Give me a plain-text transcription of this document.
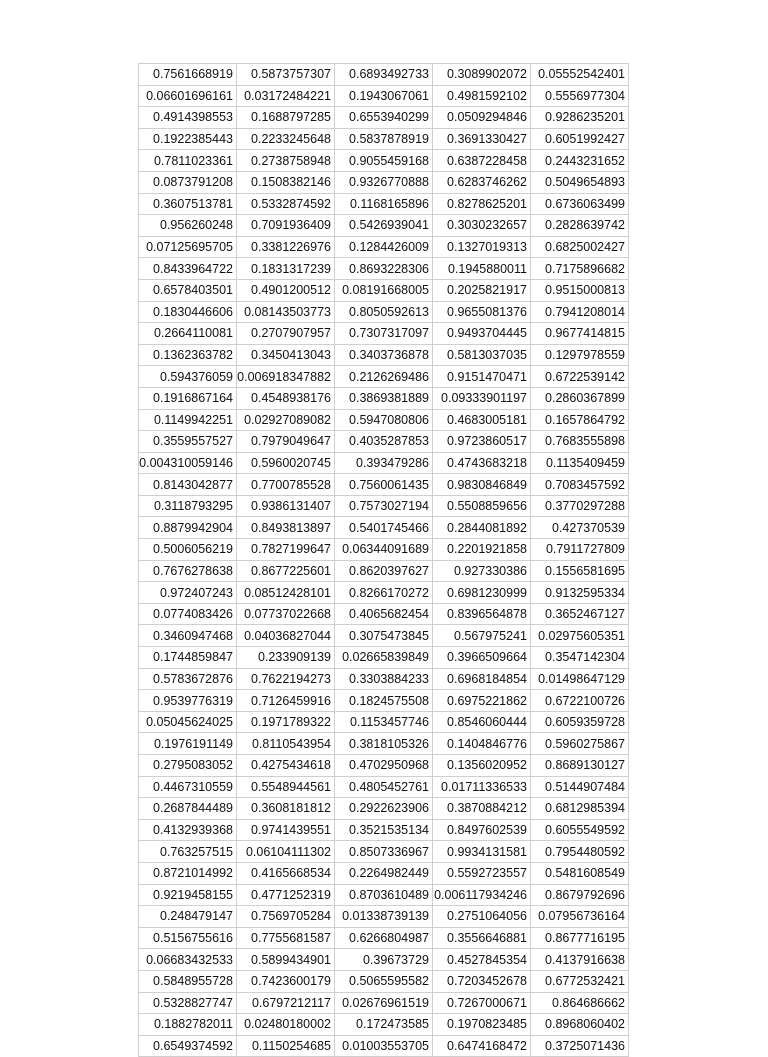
0.7561668919	0.5873757307	0.6893492733	0.3089902072	0.05552542401
0.06601696161	0.03172484221	0.1943067061	0.4981592102	0.5556977304
0.4914398553	0.1688797285	0.6553940299	0.0509294846	0.9286235201
0.1922385443	0.2233245648	0.5837878919	0.3691330427	0.6051992427
0.7811023361	0.2738758948	0.9055459168	0.6387228458	0.2443231652
0.0873791208	0.1508382146	0.9326770888	0.6283746262	0.5049654893
0.3607513781	0.5332874592	0.1168165896	0.8278625201	0.6736063499
0.956260248	0.7091936409	0.5426939041	0.3030232657	0.2828639742
0.07125695705	0.3381226976	0.1284426009	0.1327019313	0.6825002427
0.8433964722	0.1831317239	0.8693228306	0.1945880011	0.7175896682
0.6578403501	0.4901200512	0.08191668005	0.2025821917	0.9515000813
0.1830446606	0.08143503773	0.8050592613	0.9655081376	0.7941208014
0.2664110081	0.2707907957	0.7307317097	0.9493704445	0.9677414815
0.1362363782	0.3450413043	0.3403736878	0.5813037035	0.1297978559
0.594376059	0.006918347882	0.2126269486	0.9151470471	0.6722539142
0.1916867164	0.4548938176	0.3869381889	0.09333901197	0.2860367899
0.1149942251	0.02927089082	0.5947080806	0.4683005181	0.1657864792
0.3559557527	0.7979049647	0.4035287853	0.9723860517	0.7683555898
0.004310059146	0.5960020745	0.393479286	0.4743683218	0.1135409459
0.8143042877	0.7700785528	0.7560061435	0.9830846849	0.7083457592
0.3118793295	0.9386131407	0.7573027194	0.5508859656	0.3770297288
0.8879942904	0.8493813897	0.5401745466	0.2844081892	0.427370539
0.5006056219	0.7827199647	0.06344091689	0.2201921858	0.7911727809
0.7676278638	0.8677225601	0.8620397627	0.927330386	0.1556581695
0.972407243	0.08512428101	0.8266170272	0.6981230999	0.9132595334
0.0774083426	0.07737022668	0.4065682454	0.8396564878	0.3652467127
0.3460947468	0.04036827044	0.3075473845	0.567975241	0.02975605351
0.1744859847	0.233909139	0.02665839849	0.3966509664	0.3547142304
0.5783672876	0.7622194273	0.3303884233	0.6968184854	0.01498647129
0.9539776319	0.7126459916	0.1824575508	0.6975221862	0.6722100726
0.05045624025	0.1971789322	0.1153457746	0.8546060444	0.6059359728
0.1976191149	0.8110543954	0.3818105326	0.1404846776	0.5960275867
0.2795083052	0.4275434618	0.4702950968	0.1356020952	0.8689130127
0.4467310559	0.5548944561	0.4805452761	0.01711336533	0.5144907484
0.2687844489	0.3608181812	0.2922623906	0.3870884212	0.6812985394
0.4132939368	0.9741439551	0.3521535134	0.8497602539	0.6055549592
0.763257515	0.06104111302	0.8507336967	0.9934131581	0.7954480592
0.8721014992	0.4165668534	0.2264982449	0.5592723557	0.5481608549
0.9219458155	0.4771252319	0.8703610489	0.006117934246	0.8679792696
0.248479147	0.7569705284	0.01338739139	0.2751064056	0.07956736164
0.5156755616	0.7755681587	0.6266804987	0.3556646881	0.8677716195
0.06683432533	0.5899434901	0.39673729	0.4527845354	0.4137916638
0.5848955728	0.7423600179	0.5065595582	0.7203452678	0.6772532421
0.5328827747	0.6797212117	0.02676961519	0.7267000671	0.864686662
0.1882782011	0.02480180002	0.172473585	0.1970823485	0.8968060402
0.6549374592	0.1150254685	0.01003553705	0.6474168472	0.3725071436
